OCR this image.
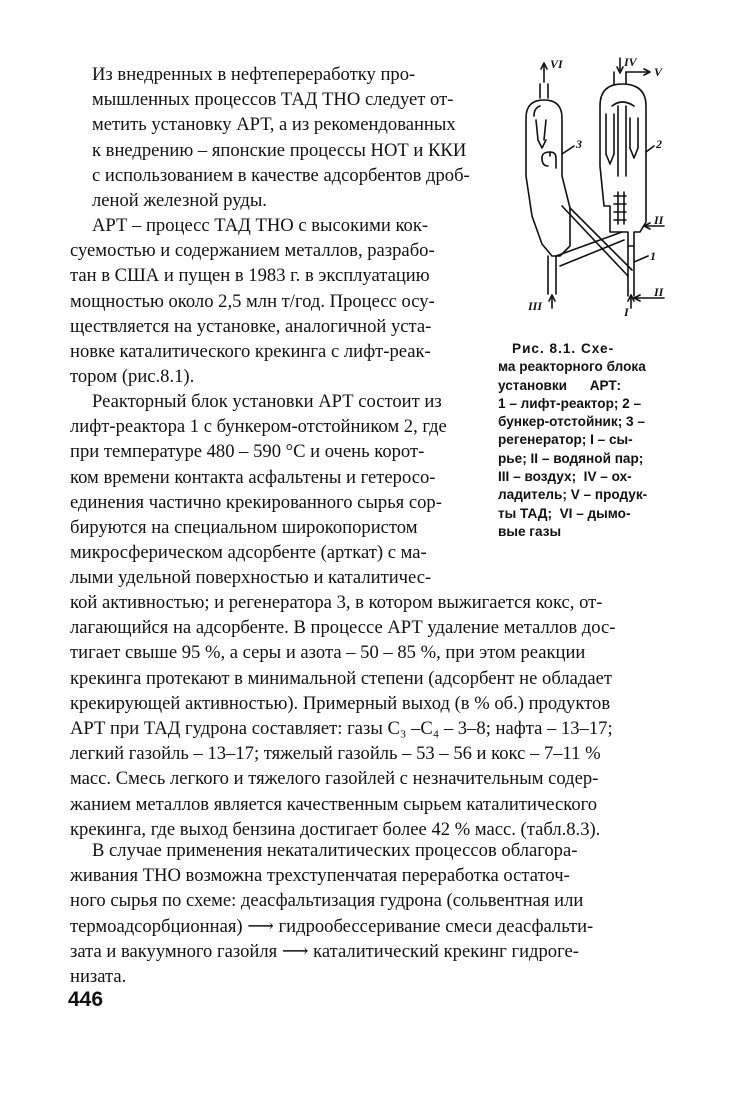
Из внедренных в нефтепереработку про-
мышленных процессов ТАД ТНО следует от-
метить установку АРТ, а из рекомендованных
к внедрению – японские процессы НОТ и ККИ
с использованием в качестве адсорбентов дроб-
леной железной руды.
АРТ – процесс ТАД ТНО с высокими кок-
суемостью и содержанием металлов, разрабо-
тан в США и пущен в 1983 г. в эксплуатацию
мощностью около 2,5 млн т/год. Процесс осу-
ществляется на установке, аналогичной уста-
новке каталитического крекинга с лифт-реак-
тором (рис.8.1).
Реакторный блок установки АРТ состоит из
лифт-реактора 1 с бункером-отстойником 2, где
при температуре 480 – 590 °С и очень корот-
ком времени контакта асфальтены и гетеросо-
единения частично крекированного сырья сор-
бируются на специальном широкопористом
микросферическом адсорбенте (арткат) с ма-
лыми удельной поверхностью и каталитичес-
кой активностью; и регенератора 3, в котором выжигается кокс, от-
лагающийся на адсорбенте. В процессе АРТ удаление металлов дос-
тигает свыше 95 %, а серы и азота – 50 – 85 %, при этом реакции
крекинга протекают в минимальной степени (адсорбент не обладает
крекирующей активностью). Примерный выход (в % об.) продуктов
АРТ при ТАД гудрона составляет: газы С₃ –С₄ – 3–8; нафта – 13–17;
легкий газойль – 13–17; тяжелый газойль – 53 – 56 и кокс – 7–11 %
масс. Смесь легкого и тяжелого газойлей с незначительным содер-
жанием металлов является качественным сырьем каталитического
крекинга, где выход бензина достигает более 42 % масс. (табл.8.3).
В случае применения некаталитических процессов облагора-
живания ТНО возможна трехступенчатая переработка остаточ-
ного сырья по схеме: деасфальтизация гудрона (сольвентная или
термоадсорбционная) ⟶ гидрообессеривание смеси деасфальти-
зата и вакуумного газойля ⟶ каталитический крекинг гидроге-
низата.
Рис. 8.1. Схе-
ма реакторного блока
установки      АРТ:
1 – лифт-реактор; 2 –
бункер-отстойник; 3 –
регенератор; I – сы-
рье; II – водяной пар;
III – воздух;  IV – ох-
ладитель; V – продук-
ты ТАД;  VI – дымо-
вые газы
VI	IV
V
3	2
II
1
III	I
II
446
